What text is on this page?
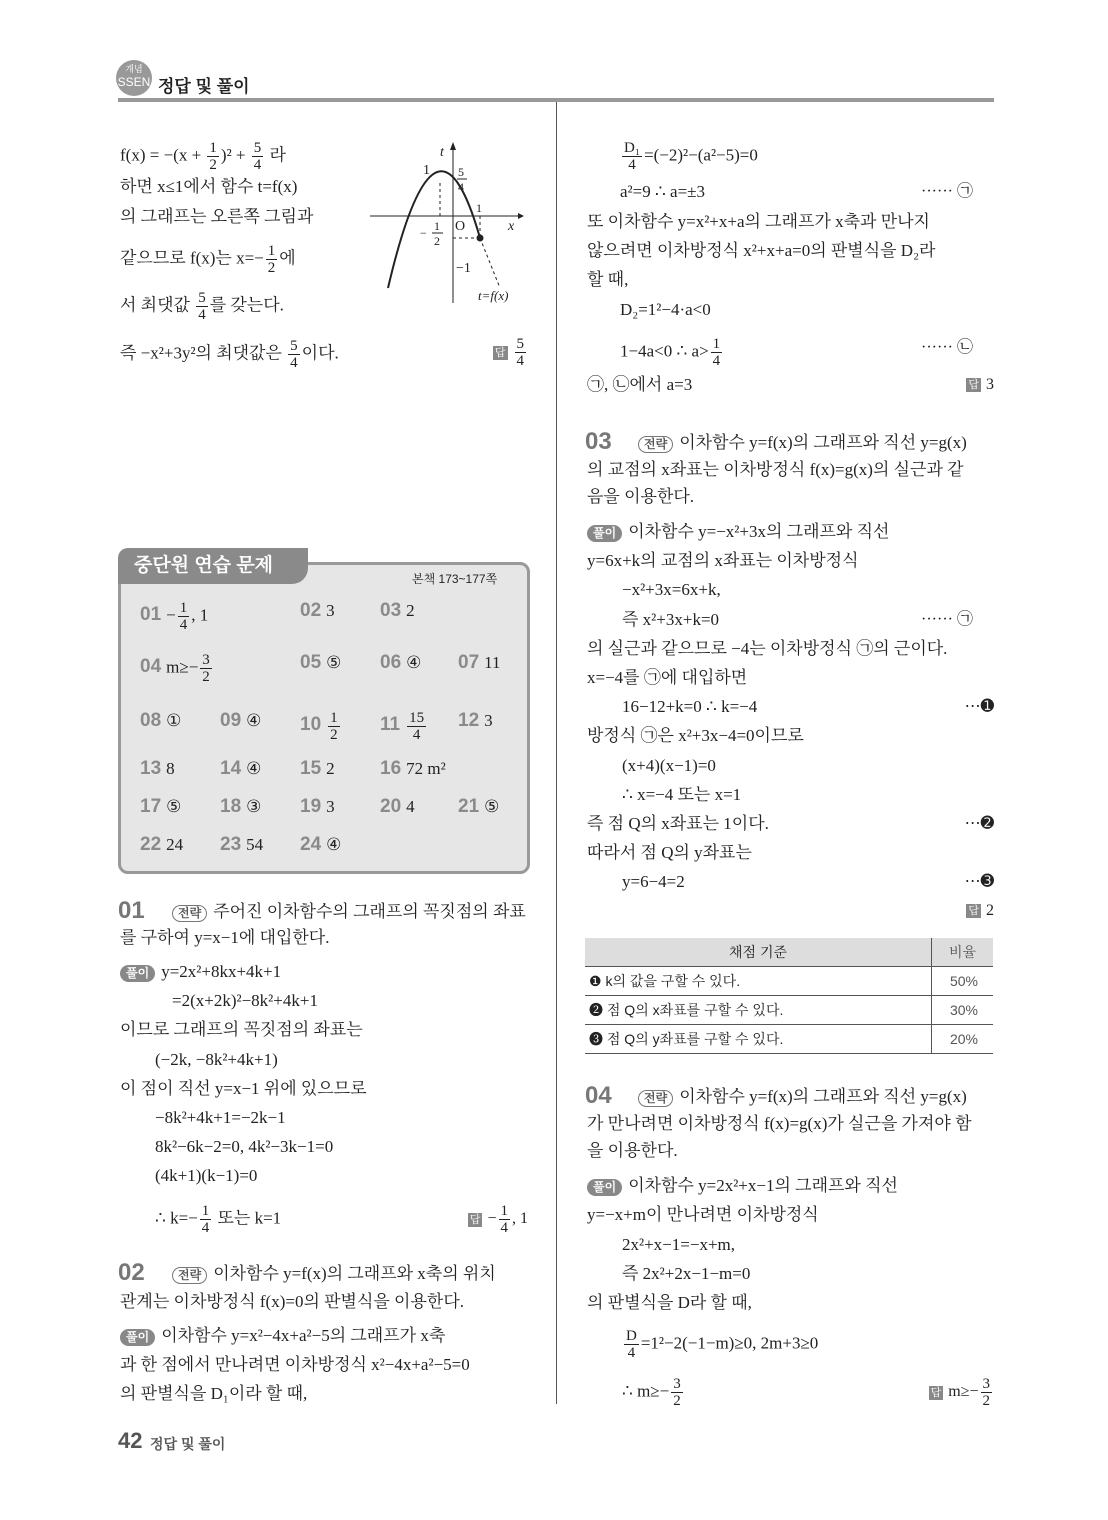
개념
SSEN 정답 및 풀이
$f(x) = -(x + \frac{1}{2} )^2 + \frac{5}{4}$ 라
하면 x≤1에서 함수 t=f(x)
의 그래프는 오른쪽 그림과
같으므로 f(x)는 $x=- \frac{1}{2}$ 에
서 최댓값 $\frac{5}{4}$ 를 갖는다.
즉 −x²+3y²의 최댓값은 $\frac{5}{4}$ 이다.	답 $\frac{5}{4}$
t
x
O
1 5
4
− 1
2
1
−1
t=f(x)
중단원 연습 문제
본책 173~177쪽
$01 - \frac{1}{4}$ , 1	02 3 03 2
04 $m\ge- \frac{3}{2}$	05 ⑤ 06 ④ 07 11
08 ① 09 ④ $10 \frac{1}{2} 11 \frac{15}{4} 12$ 3
13 8 14 ④ 15 2 16 72 m²
17 ⑤ 18 ③ 19 3 20 4 21 ⑤
22 24 23 54 24 ④
01	전략 주어진 이차함수의 그래프의 꼭짓점의 좌표
를 구하여 y=x−1에 대입한다.
풀이 y=2x²+8kx+4k+1
=2(x+2k)²−8k²+4k+1
이므로 그래프의 꼭짓점의 좌표는
(−2k, −8k²+4k+1)
이 점이 직선 y=x−1 위에 있으므로
−8k²+4k+1=−2k−1
8k²−6k−2=0, 4k²−3k−1=0
(4k+1)(k−1)=0
∴ $k=- \frac{1}{4}$ 또는 k=1	답 − $\frac{1}{4}$ , 1
02	전략 이차함수 y=f(x)의 그래프와 x축의 위치
관계는 이차방정식 f(x)=0의 판별식을 이용한다.
풀이 이차함수 y=x²−4x+a²−5의 그래프가 x축
과 한 점에서 만나려면 이차방정식 x²−4x+a²−5=0
의 판별식을 D₁이라 할 때,
$\frac{\text{D₁}}{4} =(-2)^2-(a^2-5)=0$
a²=9 ∴ a=±3	······ ㉠
또 이차함수 y=x²+x+a의 그래프가 x축과 만나지
않으려면 이차방정식 x²+x+a=0의 판별식을 D₂라
할 때,
D₂=1²−4·a<0
1−4a<0 ∴ $a> \frac{1}{4}$	······ ㉡
㉠, ㉡에서 a=3	답 3
03	전략 이차함수 y=f(x)의 그래프와 직선 y=g(x)
의 교점의 x좌표는 이차방정식 f(x)=g(x)의 실근과 같
음을 이용한다.
풀이 이차함수 y=−x²+3x의 그래프와 직선
y=6x+k의 교점의 x좌표는 이차방정식
−x²+3x=6x+k,
즉 x²+3x+k=0	······ ㉠
의 실근과 같으므로 −4는 이차방정식 ㉠의 근이다.
x=−4를 ㉠에 대입하면
16−12+k=0 ∴ k=−4	⋯➊
방정식 ㉠은 x²+3x−4=0이므로
(x+4)(x−1)=0
∴ x=−4 또는 x=1
즉 점 Q의 x좌표는 1이다.	⋯➋
따라서 점 Q의 y좌표는
y=6−4=2	⋯➌
답 2
채점 기준	비율
❶ k의 값을 구할 수 있다.	50%
❷ 점 Q의 x좌표를 구할 수 있다.	30%
❸ 점 Q의 y좌표를 구할 수 있다.	20%
04	전략 이차함수 y=f(x)의 그래프와 직선 y=g(x)
가 만나려면 이차방정식 f(x)=g(x)가 실근을 가져야 함
을 이용한다.
풀이 이차함수 y=2x²+x−1의 그래프와 직선
y=−x+m이 만나려면 이차방정식
2x²+x−1=−x+m,
즉 2x²+2x−1−m=0
의 판별식을 D라 할 때,
$\frac{D}{4} =1^2-2(-1-m)\ge 0$, 2m+3≥0
∴ $m\ge- \frac{3}{2}$	답 $m\ge- \frac{3}{2}$
42 정답 및 풀이
